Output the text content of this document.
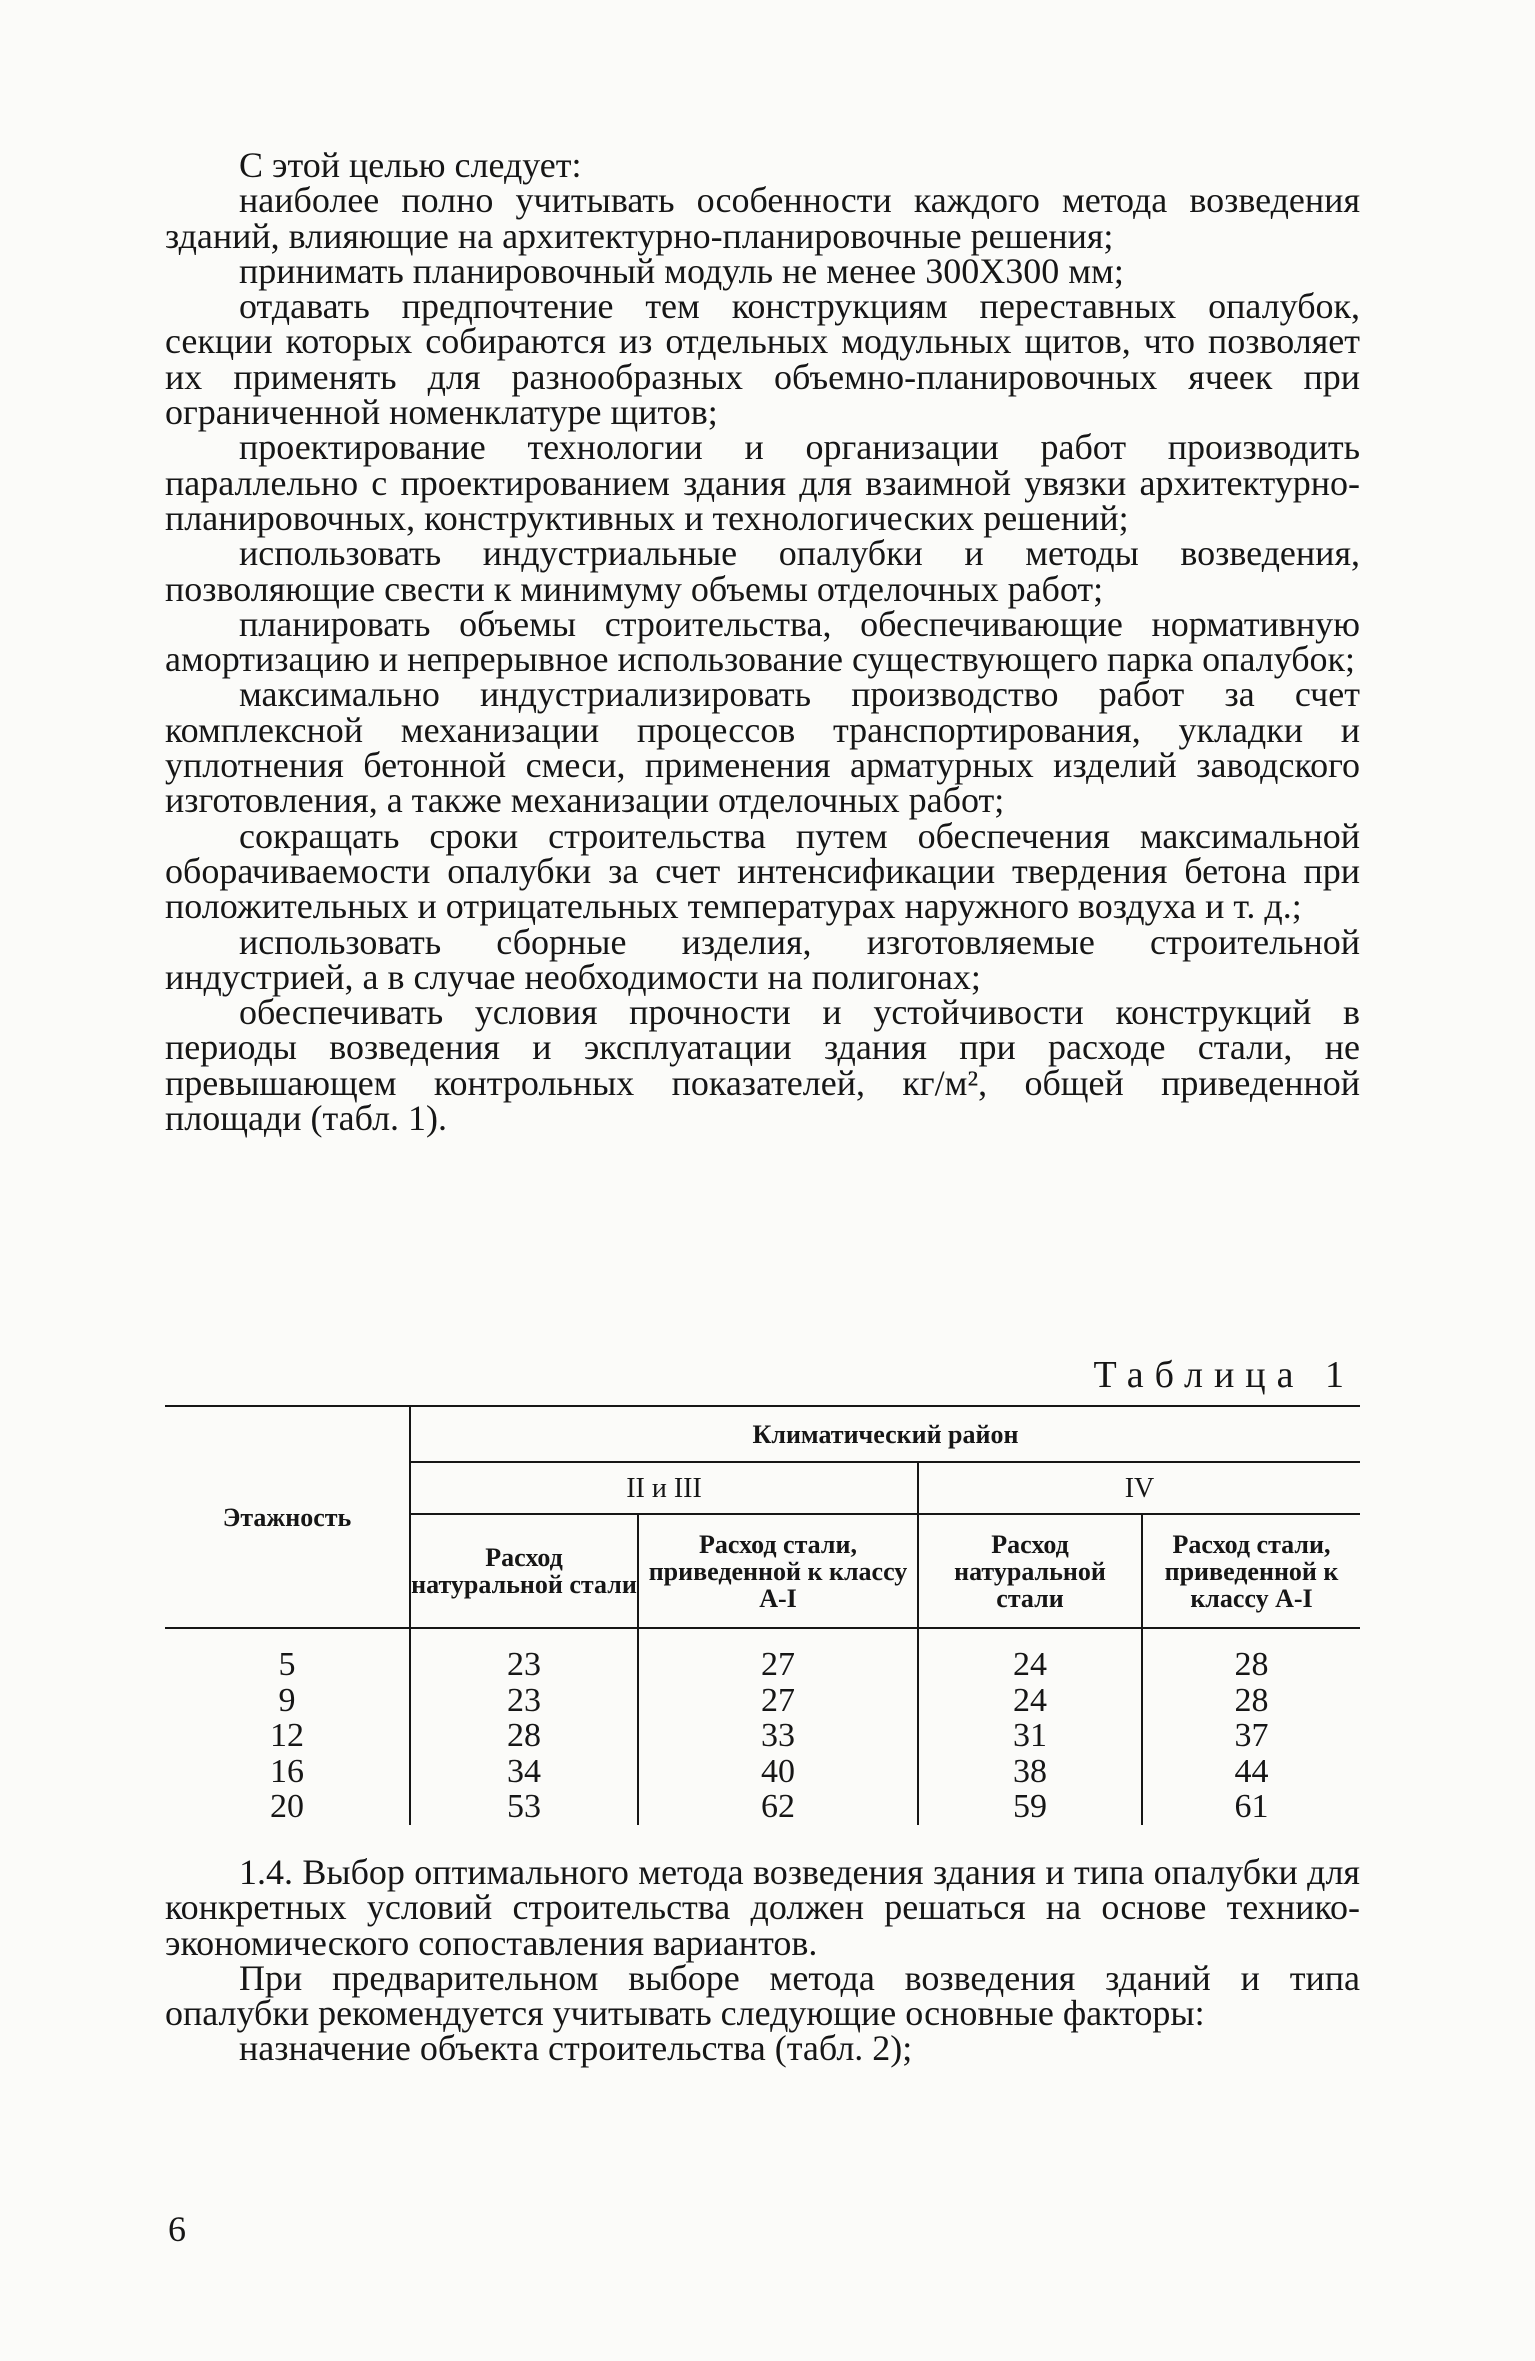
С этой целью следует:

наиболее полно учитывать особенности каждого метода возведения зданий, влияющие на архитектурно-планировочные решения;

принимать планировочный модуль не менее 300Х300 мм;

отдавать предпочтение тем конструкциям переставных опалубок, секции которых собираются из отдельных модульных щитов, что позволяет их применять для разнообразных объемно-планировочных ячеек при ограниченной номенклатуре щитов;

проектирование технологии и организации работ производить параллельно с проектированием здания для взаимной увязки архитектурно-планировочных, конструктивных и технологических решений;

использовать индустриальные опалубки и методы возведения, позволяющие свести к минимуму объемы отделочных работ;

планировать объемы строительства, обеспечивающие нормативную амортизацию и непрерывное использование существующего парка опалубок;

максимально индустриализировать производство работ за счет комплексной механизации процессов транспортирования, укладки и уплотнения бетонной смеси, применения арматурных изделий заводского изготовления, а также механизации отделочных работ;

сокращать сроки строительства путем обеспечения максимальной оборачиваемости опалубки за счет интенсификации твердения бетона при положительных и отрицательных температурах наружного воздуха и т. д.;

использовать сборные изделия, изготовляемые строительной индустрией, а в случае необходимости на полигонах;

обеспечивать условия прочности и устойчивости конструкций в периоды возведения и эксплуатации здания при расходе стали, не превышающем контрольных показателей, кг/м², общей приведенной площади (табл. 1).

Таблица 1
Этажность	Климатический район			
	II и III		IV	
	Расход натуральной стали	Расход стали, приведенной к классу А-I	Расход натуральной стали	Расход стали, приведенной к классу А-I
5	23	27	24	28
9	23	27	24	28
12	28	33	31	37
16	34	40	38	44
20	53	62	59	61

1.4. Выбор оптимального метода возведения здания и типа опалубки для конкретных условий строительства должен решаться на основе технико-экономического сопоставления вариантов.

При предварительном выборе метода возведения зданий и типа опалубки рекомендуется учитывать следующие основные факторы:

назначение объекта строительства (табл. 2);

6
